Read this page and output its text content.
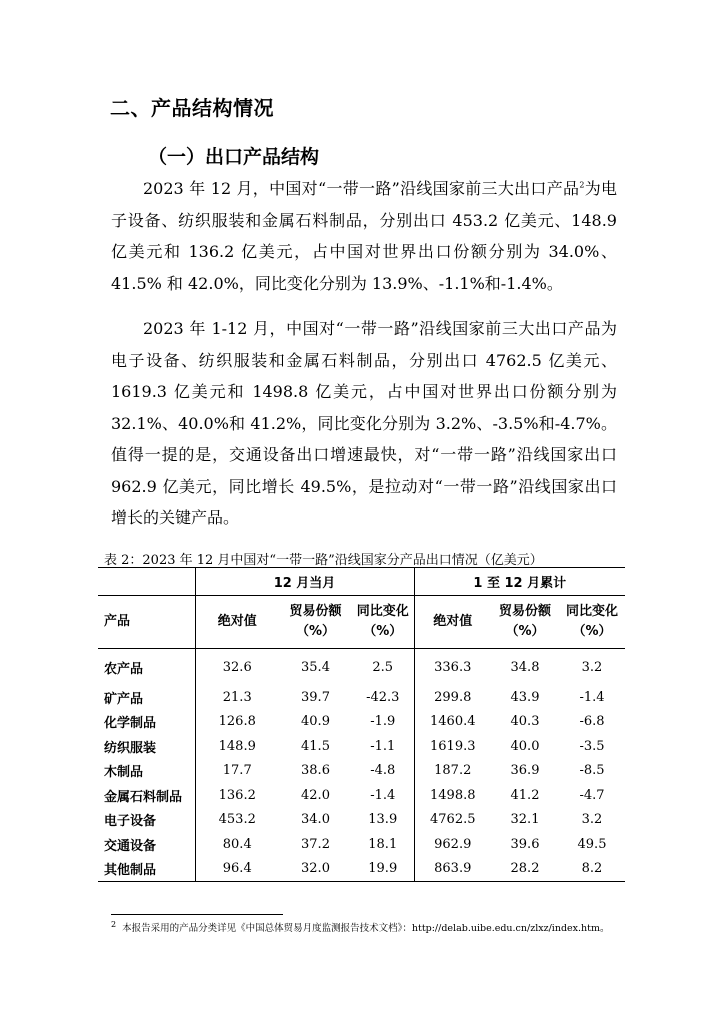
二、产品结构情况
（一）出口产品结构

2023 年 12 月，中国对“一带一路”沿线国家前三大出口产品$^2$为电子设备、纺织服装和金属石料制品，分别出口 453.2 亿美元、148.9 亿美元和 136.2 亿美元，占中国对世界出口份额分别为 34.0%、41.5% 和 42.0%，同比变化分别为 13.9%、-1.1%和-1.4%。

2023 年 1-12 月，中国对“一带一路”沿线国家前三大出口产品为电子设备、纺织服装和金属石料制品，分别出口 4762.5 亿美元、1619.3 亿美元和 1498.8 亿美元，占中国对世界出口份额分别为 32.1%、40.0%和 41.2%，同比变化分别为 3.2%、-3.5%和-4.7%。值得一提的是，交通设备出口增速最快，对“一带一路”沿线国家出口 962.9 亿美元，同比增长 49.5%，是拉动对“一带一路”沿线国家出口增长的关键产品。

表 2：2023 年 12 月中国对“一带一路”沿线国家分产品出口情况（亿美元）
	12 月当月			1 至 12 月累计		
产品	绝对值	贸易份额（%）	同比变化（%）	绝对值	贸易份额（%）	同比变化（%）
农产品	32.6	35.4	2.5	336.3	34.8	3.2
矿产品	21.3	39.7	-42.3	299.8	43.9	-1.4
化学制品	126.8	40.9	-1.9	1460.4	40.3	-6.8
纺织服装	148.9	41.5	-1.1	1619.3	40.0	-3.5
木制品	17.7	38.6	-4.8	187.2	36.9	-8.5
金属石料制品	136.2	42.0	-1.4	1498.8	41.2	-4.7
电子设备	453.2	34.0	13.9	4762.5	32.1	3.2
交通设备	80.4	37.2	18.1	962.9	39.6	49.5
其他制品	96.4	32.0	19.9	863.9	28.2	8.2
$^2$ 本报告采用的产品分类详见《中国总体贸易月度监测报告技术文档》：http://delab.uibe.edu.cn/zlxz/index.htm。
